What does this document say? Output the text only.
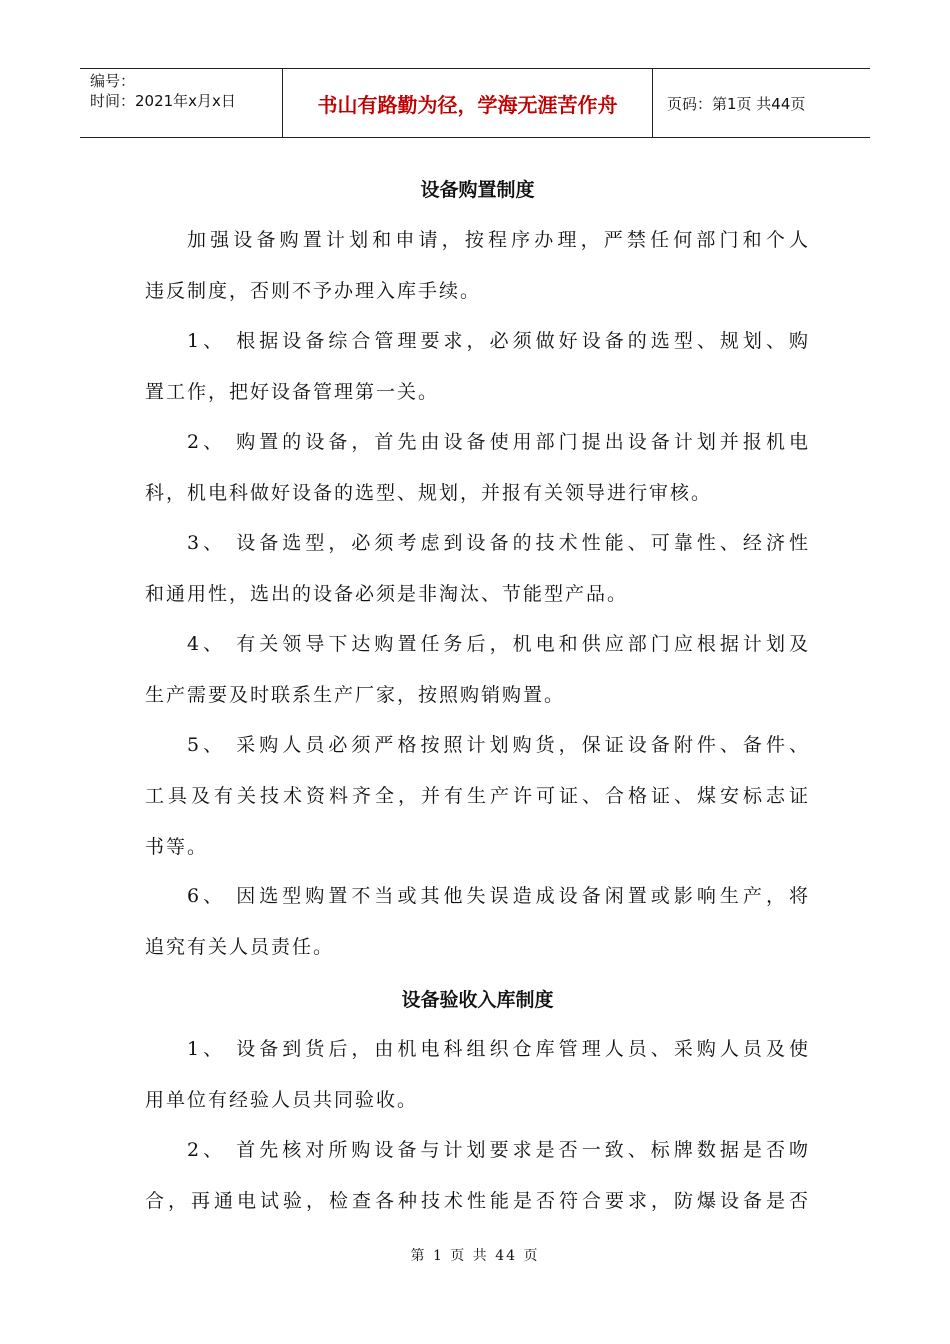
编号：
时间：2021年x月x日	书山有路勤为径，学海无涯苦作舟	页码：第1页 共44页
设备购置制度
加强设备购置计划和申请，按程序办理，严禁任何部门和个人
违反制度，否则不予办理入库手续。
1、 根据设备综合管理要求，必须做好设备的选型、规划、购
置工作，把好设备管理第一关。
2、 购置的设备，首先由设备使用部门提出设备计划并报机电
科，机电科做好设备的选型、规划，并报有关领导进行审核。
3、 设备选型，必须考虑到设备的技术性能、可靠性、经济性
和通用性，选出的设备必须是非淘汰、节能型产品。
4、 有关领导下达购置任务后，机电和供应部门应根据计划及
生产需要及时联系生产厂家，按照购销购置。
5、 采购人员必须严格按照计划购货，保证设备附件、备件、
工具及有关技术资料齐全，并有生产许可证、合格证、煤安标志证
书等。
6、 因选型购置不当或其他失误造成设备闲置或影响生产，将
追究有关人员责任。
设备验收入库制度
1、 设备到货后，由机电科组织仓库管理人员、采购人员及使
用单位有经验人员共同验收。
2、 首先核对所购设备与计划要求是否一致、标牌数据是否吻
合，再通电试验，检查各种技术性能是否符合要求，防爆设备是否
第 1 页 共 44 页
